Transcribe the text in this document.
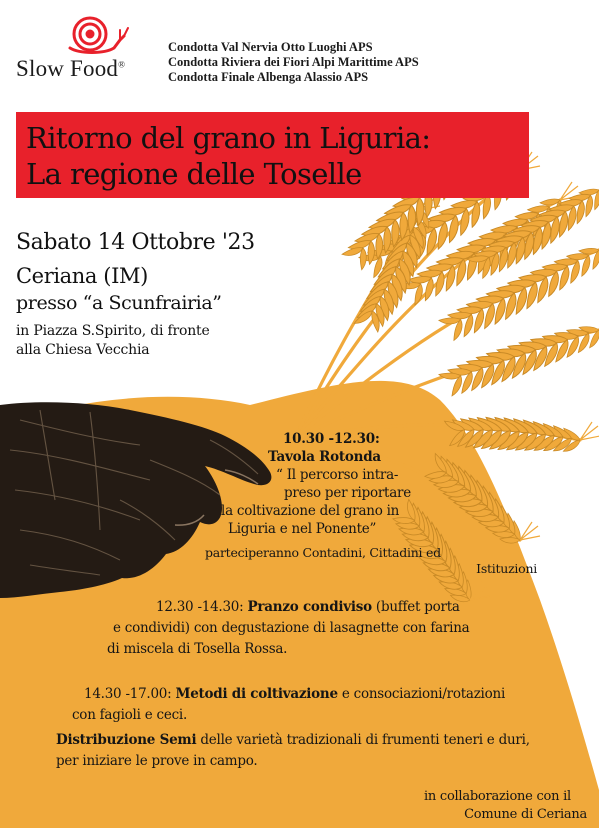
Slow Food®
Condotta Val Nervia Otto Luoghi APS
Condotta Riviera dei Fiori Alpi Marittime APS
Condotta Finale Albenga Alassio APS
Ritorno del grano in Liguria:
La regione delle Toselle
Sabato 14 Ottobre '23
Ceriana (IM)
presso “a Scunfrairia”
in Piazza S.Spirito, di fronte
alla Chiesa Vecchia
10.30 -12.30:
Tavola Rotonda
“ Il percorso intra-
preso per riportare
la coltivazione del grano in
Liguria e nel Ponente”
parteciperanno Contadini, Cittadini ed
Istituzioni
12.30 -14.30: Pranzo condiviso (buffet porta
e condividi) con degustazione di lasagnette con farina
di miscela di Tosella Rossa.
14.30 -17.00: Metodi di coltivazione e consociazioni/rotazioni
con fagioli e ceci.
Distribuzione Semi delle varietà tradizionali di frumenti teneri e duri,
per iniziare le prove in campo.
in collaborazione con il
Comune di Ceriana
